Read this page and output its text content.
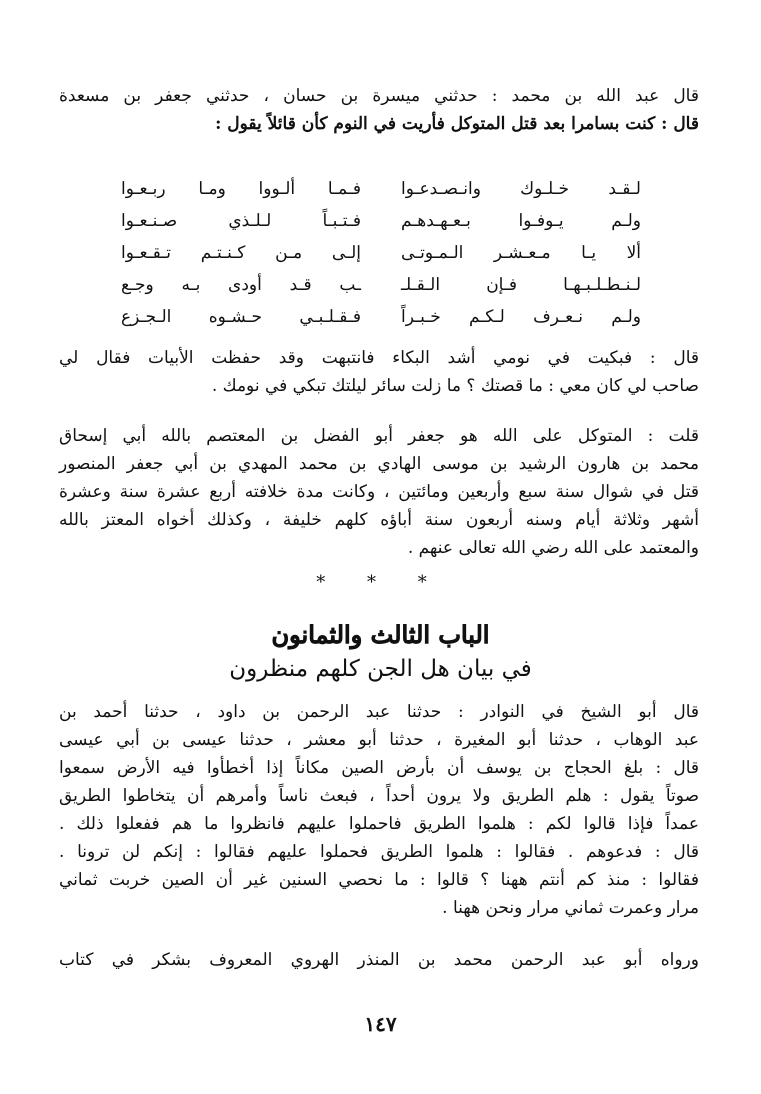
قال عبد الله بن محمد : حدثني ميسرة بن حسان ، حدثني جعفر بن مسعدة
قال : كنت بسامرا بعد قتل المتوكل فأريت في النوم كأن قائلاً يقول :
لـقـد خـلـوك وانـصـدعـوا
فـمـا ألـووا ومـا ربـعـوا
ولـم يـوفـوا بـعـهـدهـم
فـتـبـاً لـلـذي صـنـعـوا
ألا يـا مـعـشـر الـمـوتـى
إلـى مـن كـنـتـم تـقـعـوا
لـنـطـلـبـهـا فـإن الـقـلـ
ـب قـد أودى بـه وجـع
ولـم نـعـرف لـكـم خـبـراً
فـقـلـبـي حـشـوه الـجـزع
قال : فبكيت في نومي أشد البكاء فانتبهت وقد حفظت الأبيات فقال لي
صاحب لي كان معي : ما قصتك ؟ ما زلت سائر ليلتك تبكي في نومك .
قلت : المتوكل على الله هو جعفر أبو الفضل بن المعتصم بالله أبي إسحاق
محمد بن هارون الرشيد بن موسى الهادي بن محمد المهدي بن أبي جعفر المنصور
قتل في شوال سنة سبع وأربعين ومائتين ، وكانت مدة خلافته أربع عشرة سنة وعشرة
أشهر وثلاثة أيام وسنه أربعون سنة أباؤه كلهم خليفة ، وكذلك أخواه المعتز بالله
والمعتمد على الله رضي الله تعالى عنهم .
* * *
الباب الثالث والثمانون
في بيان هل الجن كلهم منظرون
قال أبو الشيخ في النوادر : حدثنا عبد الرحمن بن داود ، حدثنا أحمد بن
عبد الوهاب ، حدثنا أبو المغيرة ، حدثنا أبو معشر ، حدثنا عيسى بن أبي عيسى
قال : بلغ الحجاج بن يوسف أن بأرض الصين مكاناً إذا أخطأوا فيه الأرض سمعوا
صوتاً يقول : هلم الطريق ولا يرون أحداً ، فبعث ناساً وأمرهم أن يتخاطوا الطريق
عمداً فإذا قالوا لكم : هلموا الطريق فاحملوا عليهم فانظروا ما هم ففعلوا ذلك .
قال : فدعوهم . فقالوا : هلموا الطريق فحملوا عليهم فقالوا : إنكم لن ترونا .
فقالوا : منذ كم أنتم ههنا ؟ قالوا : ما نحصي السنين غير أن الصين خربت ثماني
مرار وعمرت ثماني مرار ونحن ههنا .
ورواه أبو عبد الرحمن محمد بن المنذر الهروي المعروف بشكر في كتاب
١٤٧
